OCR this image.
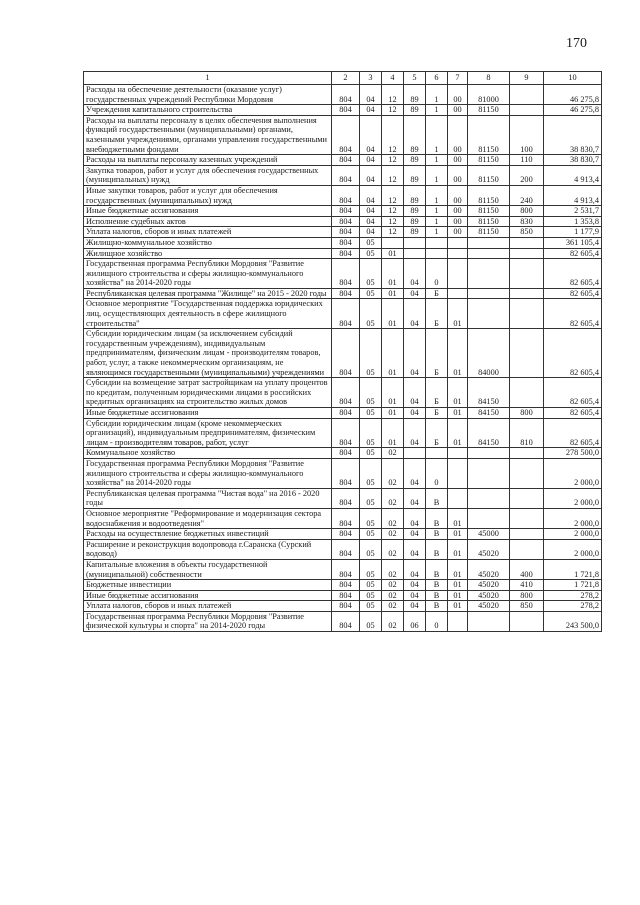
170
1	2	3	4	5	6	7	8	9	10
Расходы на обеспечение деятельности (оказание услуг) государственных учреждений Республики Мордовия	804	04	12	89	1	00	81000		46 275,8
Учреждения капитального строительства	804	04	12	89	1	00	81150		46 275,8
Расходы на выплаты персоналу в целях обеспечения выполнения функций государственными (муниципальными) органами, казенными учреждениями, органами управления государственными внебюджетными фондами	804	04	12	89	1	00	81150	100	38 830,7
Расходы на выплаты персоналу казенных учреждений	804	04	12	89	1	00	81150	110	38 830,7
Закупка товаров, работ и услуг для обеспечения государственных (муниципальных) нужд	804	04	12	89	1	00	81150	200	4 913,4
Иные закупки товаров, работ и услуг для обеспечения государственных (муниципальных) нужд	804	04	12	89	1	00	81150	240	4 913,4
Иные бюджетные ассигнования	804	04	12	89	1	00	81150	800	2 531,7
Исполнение судебных актов	804	04	12	89	1	00	81150	830	1 353,8
Уплата налогов, сборов и иных платежей	804	04	12	89	1	00	81150	850	1 177,9
Жилищно-коммунальное хозяйство	804	05							361 105,4
Жилищное хозяйство	804	05	01						82 605,4
Государственная программа Республики Мордовия "Развитие жилищного строительства и сферы жилищно-коммунального хозяйства" на 2014-2020 годы	804	05	01	04	0				82 605,4
Республиканская целевая программа "Жилище" на 2015 - 2020 годы	804	05	01	04	Б				82 605,4
Основное мероприятие "Государственная поддержка юридических лиц, осуществляющих деятельность в сфере жилищного строительства"	804	05	01	04	Б	01			82 605,4
Субсидии юридическим лицам (за исключением субсидий государственным учреждениям), индивидуальным предпринимателям, физическим лицам - производителям товаров, работ, услуг, а также некоммерческим организациям, не являющимся государственными (муниципальными) учреждениями	804	05	01	04	Б	01	84000		82 605,4
Субсидии на возмещение затрат застройщикам на уплату процентов по кредитам, полученным юридическими лицами в российских кредитных организациях на строительство жилых домов	804	05	01	04	Б	01	84150		82 605,4
Иные бюджетные ассигнования	804	05	01	04	Б	01	84150	800	82 605,4
Субсидии юридическим лицам (кроме некоммерческих организаций), индивидуальным предпринимателям, физическим лицам - производителям товаров, работ, услуг	804	05	01	04	Б	01	84150	810	82 605,4
Коммунальное хозяйство	804	05	02						278 500,0
Государственная программа Республики Мордовия "Развитие жилищного строительства и сферы жилищно-коммунального хозяйства" на 2014-2020 годы	804	05	02	04	0				2 000,0
Республиканская целевая программа "Чистая вода" на 2016 - 2020 годы	804	05	02	04	В				2 000,0
Основное мероприятие "Реформирование и модернизация сектора водоснабжения и водоотведения"	804	05	02	04	В	01			2 000,0
Расходы на осуществление бюджетных инвестиций	804	05	02	04	В	01	45000		2 000,0
Расширение и реконструкция водопровода г.Саранска (Сурский водовод)	804	05	02	04	В	01	45020		2 000,0
Капитальные вложения в объекты государственной (муниципальной) собственности	804	05	02	04	В	01	45020	400	1 721,8
Бюджетные инвестиции	804	05	02	04	В	01	45020	410	1 721,8
Иные бюджетные ассигнования	804	05	02	04	В	01	45020	800	278,2
Уплата налогов, сборов и иных платежей	804	05	02	04	В	01	45020	850	278,2
Государственная программа Республики Мордовия "Развитие физической культуры и спорта" на 2014-2020 годы	804	05	02	06	0				243 500,0
